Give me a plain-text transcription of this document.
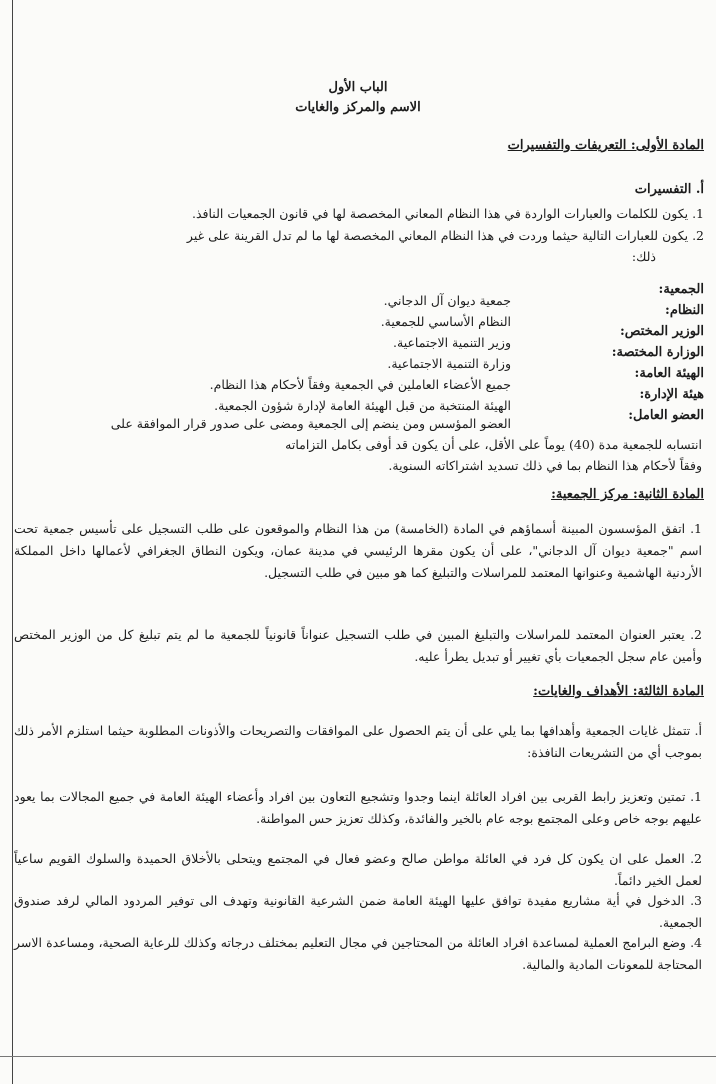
الباب الأول
الاسم والمركز والغايات
المادة الأولى: التعريفات والتفسيرات
أ. التفسيرات
1. يكون للكلمات والعبارات الواردة في هذا النظام المعاني المخصصة لها في قانون الجمعيات النافذ.
2. يكون للعبارات التالية حيثما وردت في هذا النظام المعاني المخصصة لها ما لم تدل القرينة على غير
ذلك:
الجمعية:
النظام:
الوزير المختص:
الوزارة المختصة:
الهيئة العامة:
هيئة الإدارة:
العضو العامل:
جمعية ديوان آل الدجاني.
النظام الأساسي للجمعية.
وزير التنمية الاجتماعية.
وزارة التنمية الاجتماعية.
جميع الأعضاء العاملين في الجمعية وفقاً لأحكام هذا النظام.
الهيئة المنتخبة من قبل الهيئة العامة لإدارة شؤون الجمعية.
العضو المؤسس ومن ينضم إلى الجمعية ومضى على صدور قرار الموافقة على
انتسابه للجمعية مدة (40) يوماً على الأقل، على أن يكون قد أوفى بكامل التزاماته
وفقاً لأحكام هذا النظام بما في ذلك تسديد اشتراكاته السنوية.
المادة الثانية: مركز الجمعية:

1. اتفق المؤسسون المبينة أسماؤهم في المادة (الخامسة) من هذا النظام والموقعون على طلب التسجيل على تأسيس جمعية تحت اسم "جمعية ديوان آل الدجاني"، على أن يكون مقرها الرئيسي في مدينة عمان، ويكون النطاق الجغرافي لأعمالها داخل المملكة الأردنية الهاشمية وعنوانها المعتمد للمراسلات والتبليغ كما هو مبين في طلب التسجيل.

2. يعتبر العنوان المعتمد للمراسلات والتبليغ المبين في طلب التسجيل عنواناً قانونياً للجمعية ما لم يتم تبليغ كل من الوزير المختص وأمين عام سجل الجمعيات بأي تغيير أو تبديل يطرأ عليه.

المادة الثالثة: الأهداف والغايات:

أ. تتمثل غايات الجمعية وأهدافها بما يلي على أن يتم الحصول على الموافقات والتصريحات والأذونات المطلوبة حيثما استلزم الأمر ذلك بموجب أي من التشريعات النافذة:

1. تمتين وتعزيز رابط القربى بين افراد العائلة اينما وجدوا وتشجيع التعاون بين افراد وأعضاء الهيئة العامة في جميع المجالات بما يعود عليهم بوجه خاص وعلى المجتمع بوجه عام بالخير والفائدة، وكذلك تعزيز حس المواطنة.

2. العمل على ان يكون كل فرد في العائلة مواطن صالح وعضو فعال في المجتمع ويتحلى بالأخلاق الحميدة والسلوك القويم ساعياً لعمل الخير دائماً.

3. الدخول في أية مشاريع مفيدة توافق عليها الهيئة العامة ضمن الشرعية القانونية وتهدف الى توفير المردود المالي لرفد صندوق الجمعية.

4. وضع البرامج العملية لمساعدة افراد العائلة من المحتاجين في مجال التعليم بمختلف درجاته وكذلك للرعاية الصحية، ومساعدة الاسر المحتاجة للمعونات المادية والمالية.
